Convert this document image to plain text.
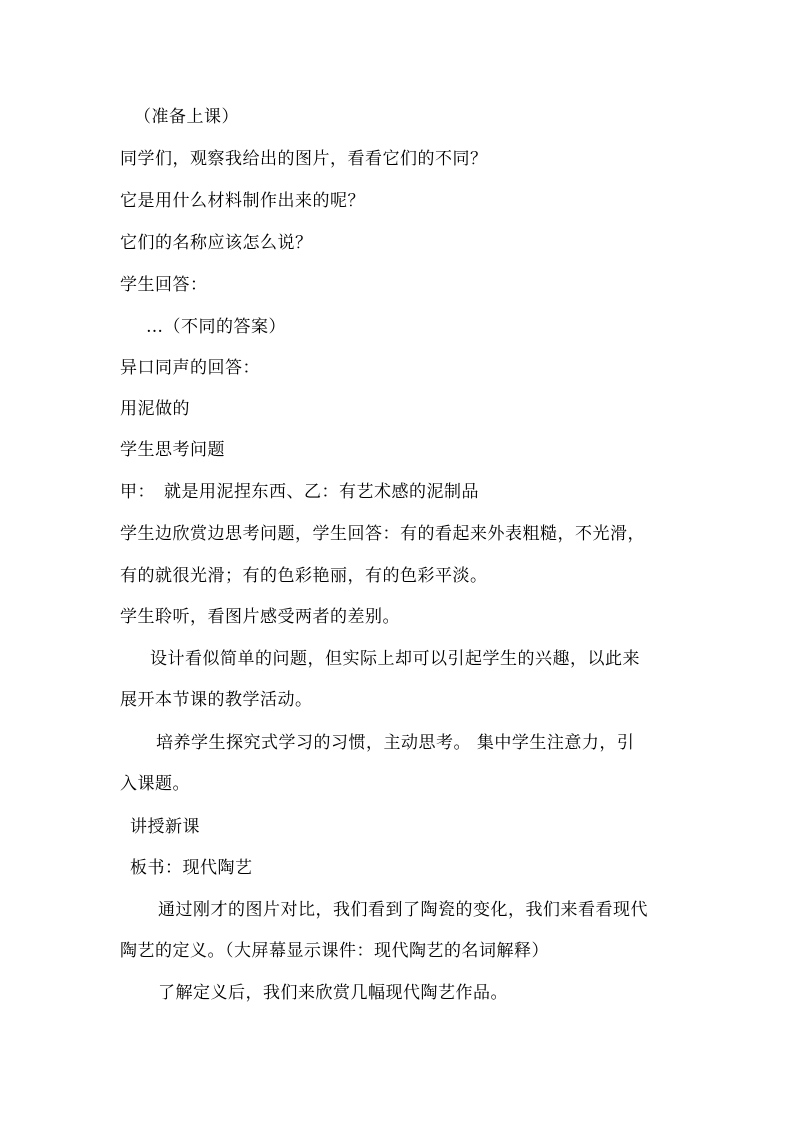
（准备上课）
同学们，观察我给出的图片，看看它们的不同？
它是用什么材料制作出来的呢？
它们的名称应该怎么说？
学生回答：
…（不同的答案）
异口同声的回答：
用泥做的
学生思考问题
甲：　就是用泥捏东西、乙：有艺术感的泥制品
学生边欣赏边思考问题，学生回答：有的看起来外表粗糙，不光滑，
有的就很光滑；有的色彩艳丽，有的色彩平淡。
学生聆听，看图片感受两者的差别。
设计看似简单的问题，但实际上却可以引起学生的兴趣，以此来
展开本节课的教学活动。
培养学生探究式学习的习惯，主动思考。 集中学生注意力，引
入课题。
讲授新课
板书：现代陶艺
通过刚才的图片对比，我们看到了陶瓷的变化，我们来看看现代
陶艺的定义。（大屏幕显示课件：现代陶艺的名词解释）
了解定义后，我们来欣赏几幅现代陶艺作品。
